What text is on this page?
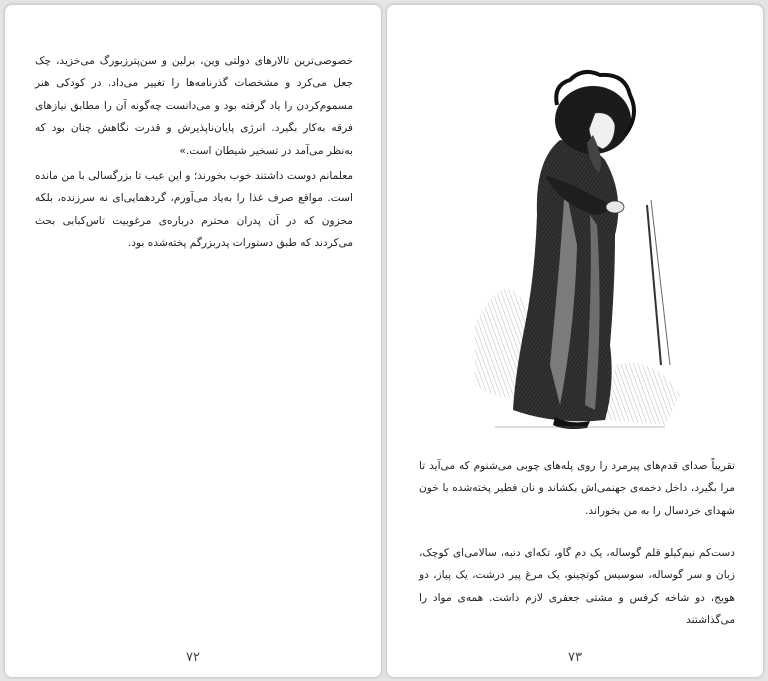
خصوصی‌ترین تالارهای دولتی وین، برلین و سن‌پترزبورگ می‌خزید، چک جعل می‌کرد و مشخصات گذرنامه‌ها را تغییر می‌داد. در کودکی هنر مسموم‌کردن را یاد گرفته بود و می‌دانست چه‌گونه آن را مطابق نیازهای فرقه به‌کار بگیرد. انرژی پایان‌ناپذیرش و قدرت نگاهش چنان بود که به‌نظر می‌آمد در تسخیر شیطان است.»

معلمانم دوست داشتند خوب بخورند؛ و این عیب تا بزرگسالی با من مانده است. مواقع صرف غذا را به‌یاد می‌آورم، گردهمایی‌ای نه سرزنده، بلکه محزون که در آن پدران محترم درباره‌ی مرغوبیت تاس‌کبابی بحث می‌کردند که طبق دستورات پدربزرگم پخته‌شده بود.

۷۲

تقریباً صدای قدم‌های پیرمرد را روی پله‌های چوبی می‌شنوم که می‌آید تا مرا بگیرد، داخل دخمه‌ی جهنمی‌اش بکشاند و نان فطیر پخته‌شده با خون شهدای خردسال را به من بخوراند.

دست‌کم نیم‌کیلو قلم گوساله، یک دم گاو، تکه‌ای دنبه، سالامی‌ای کوچک، زبان و سر گوساله، سوسیس کوتچینو، یک مرغ پیر درشت، یک پیاز، دو هویج، دو شاخه کرفس و مشتی جعفری لازم داشت. همه‌ی مواد را می‌گذاشتند

۷۳
